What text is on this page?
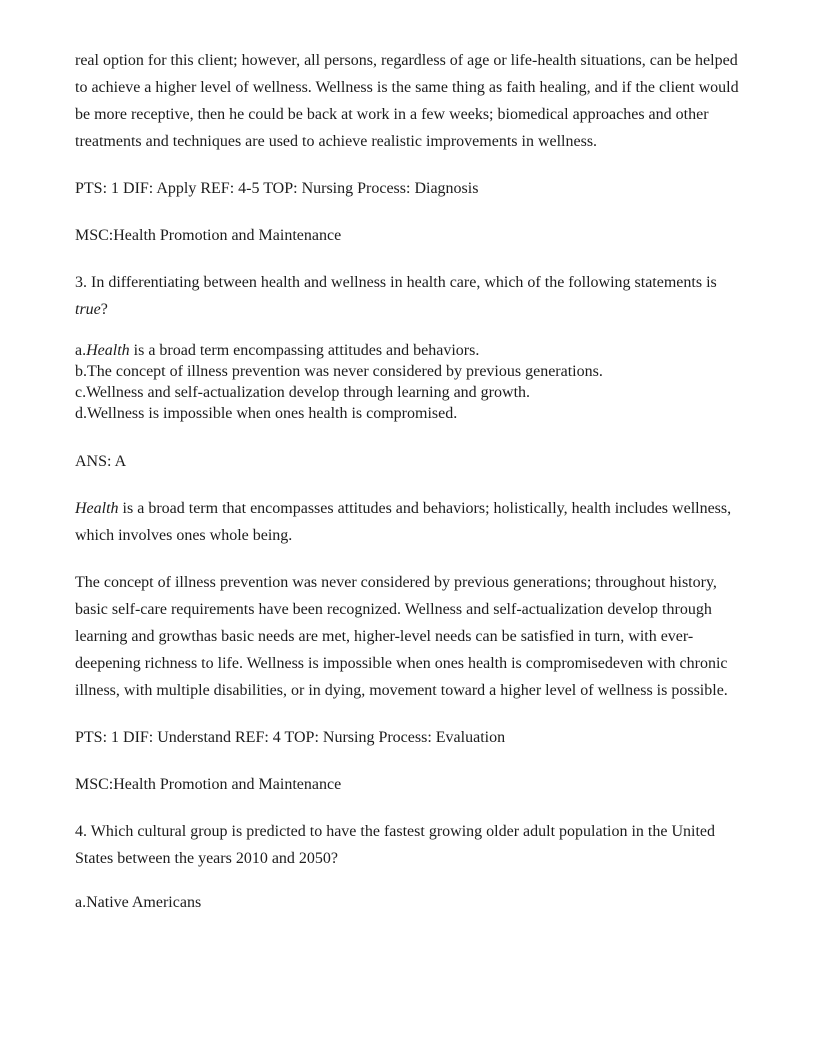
real option for this client; however, all persons, regardless of age or life-health situations, can be helped to achieve a higher level of wellness. Wellness is the same thing as faith healing, and if the client would be more receptive, then he could be back at work in a few weeks; biomedical approaches and other treatments and techniques are used to achieve realistic improvements in wellness.

PTS: 1 DIF: Apply REF: 4-5 TOP: Nursing Process: Diagnosis

MSC:Health Promotion and Maintenance

3. In differentiating between health and wellness in health care, which of the following statements is true?

a.Health is a broad term encompassing attitudes and behaviors.

b.The concept of illness prevention was never considered by previous generations.

c.Wellness and self-actualization develop through learning and growth.

d.Wellness is impossible when ones health is compromised.

ANS: A

Health is a broad term that encompasses attitudes and behaviors; holistically, health includes wellness, which involves ones whole being.

The concept of illness prevention was never considered by previous generations; throughout history, basic self-care requirements have been recognized. Wellness and self-actualization develop through learning and growthas basic needs are met, higher-level needs can be satisfied in turn, with ever-deepening richness to life. Wellness is impossible when ones health is compromisedeven with chronic illness, with multiple disabilities, or in dying, movement toward a higher level of wellness is possible.

PTS: 1 DIF: Understand REF: 4 TOP: Nursing Process: Evaluation

MSC:Health Promotion and Maintenance

4. Which cultural group is predicted to have the fastest growing older adult population in the United States between the years 2010 and 2050?

a.Native Americans
